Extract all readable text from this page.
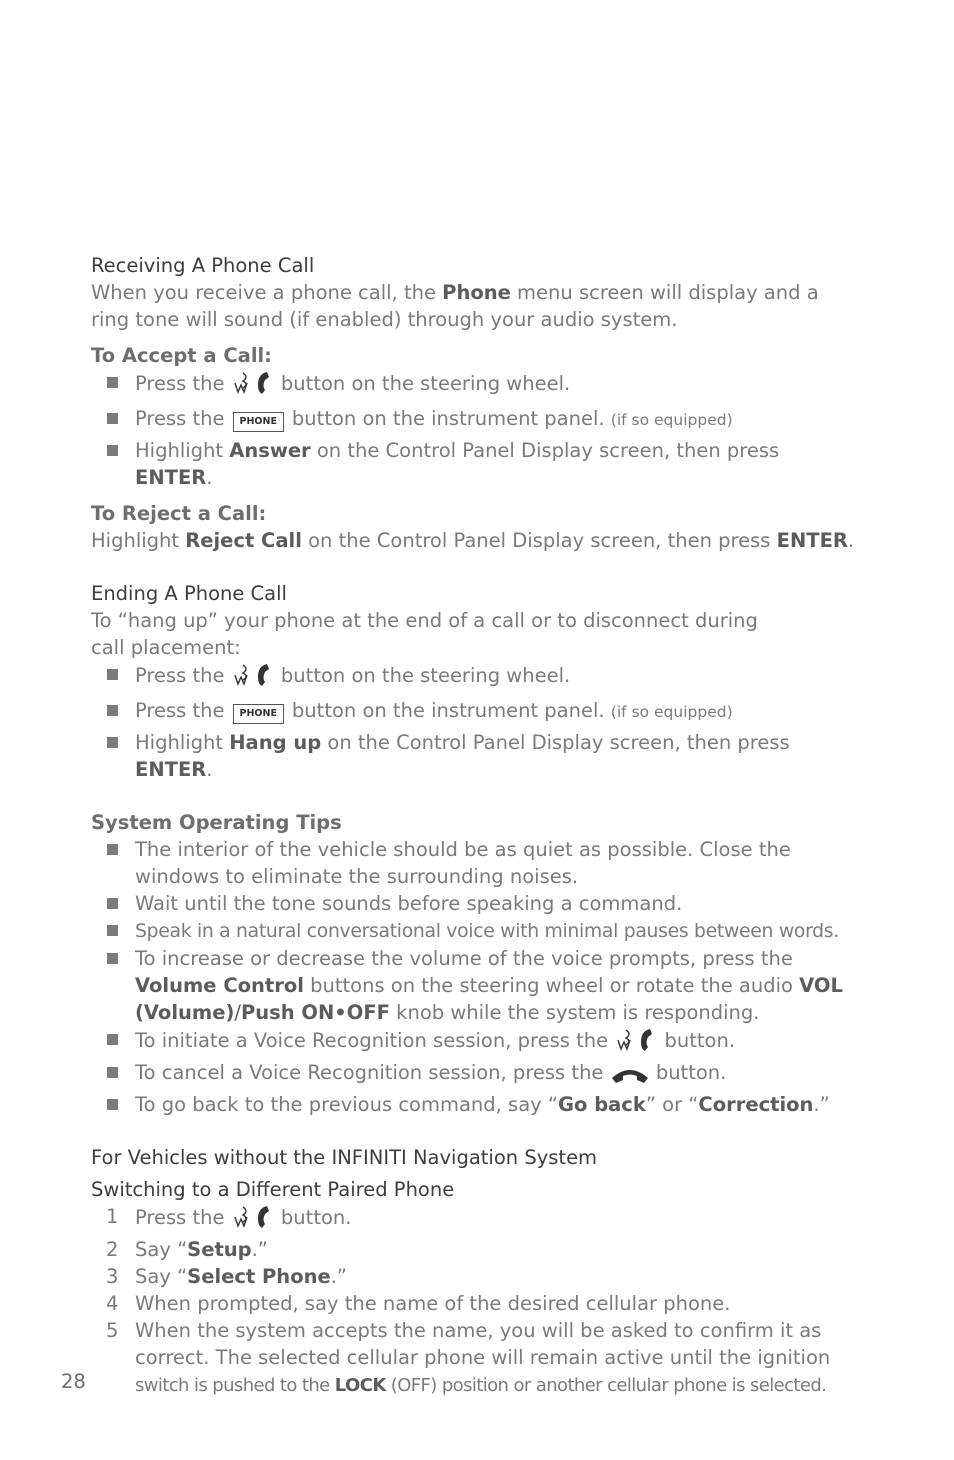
Receiving A Phone Call

When you receive a phone call, the Phone menu screen will display and a ring tone will sound (if enabled) through your audio system.

To Accept a Call:

Press the  button on the steering wheel.
Press the PHONE button on the instrument panel. (if so equipped)
Highlight Answer on the Control Panel Display screen, then press ENTER.

To Reject a Call:

Highlight Reject Call on the Control Panel Display screen, then press ENTER.

Ending A Phone Call

To “hang up” your phone at the end of a call or to disconnect during

call placement:

Press the  button on the steering wheel.
Press the PHONE button on the instrument panel. (if so equipped)
Highlight Hang up on the Control Panel Display screen, then press ENTER.

System Operating Tips

The interior of the vehicle should be as quiet as possible. Close the windows to eliminate the surrounding noises.
Wait until the tone sounds before speaking a command.
Speak in a natural conversational voice with minimal pauses between words.
To increase or decrease the volume of the voice prompts, press the Volume Control buttons on the steering wheel or rotate the audio VOL (Volume)/Push ON•OFF knob while the system is responding.
To initiate a Voice Recognition session, press the  button.
To cancel a Voice Recognition session, press the  button.
To go back to the previous command, say “Go back” or “Correction.”

For Vehicles without the INFINITI Navigation System

Switching to a Different Paired Phone

1 Press the  button.
2 Say “Setup.”
3 Say “Select Phone.”
4 When prompted, say the name of the desired cellular phone.
5 When the system accepts the name, you will be asked to confirm it as correct. The selected cellular phone will remain active until the ignition switch is pushed to the LOCK (OFF) position or another cellular phone is selected.
28
